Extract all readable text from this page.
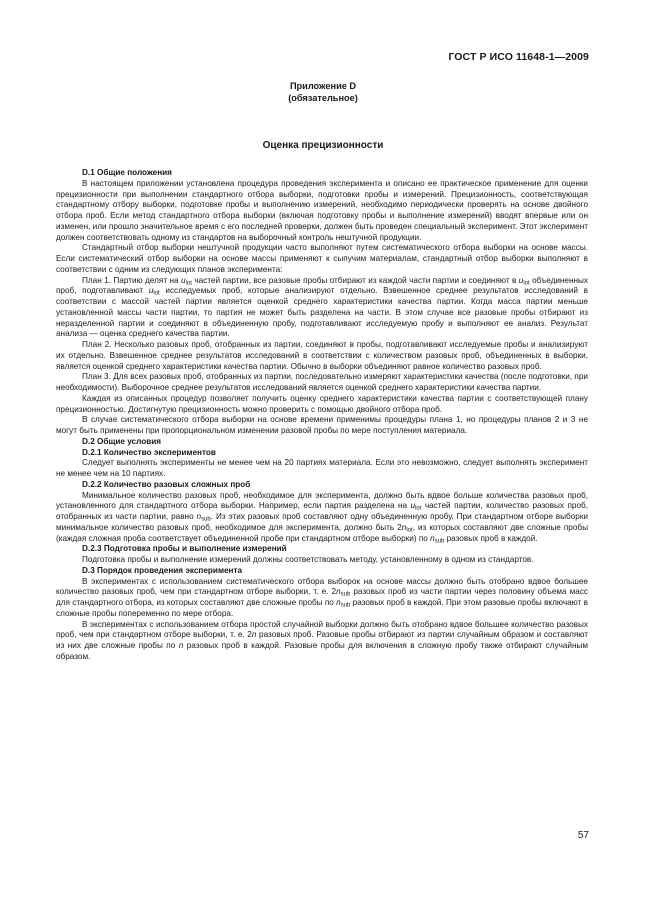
ГОСТ Р ИСО 11648-1—2009
Приложение D
(обязательное)
Оценка прецизионности

D.1 Общие положения

В настоящем приложении установлена процедура проведения эксперимента и описано ее практическое применение для оценки прецизионности при выполнении стандартного отбора выборки, подготовки пробы и измерений. Прецизионность, соответствующая стандартному отбору выборки, подготовке пробы и выполнению измерений, необходимо периодически проверять на основе двойного отбора проб. Если метод стандартного отбора выборки (включая подготовку пробы и выполнение измерений) вводят впервые или он изменен, или прошло значительное время с его последней проверки, должен быть проведен специальный эксперимент. Этот эксперимент должен соответствовать одному из стандартов на выборочный контроль нештучной продукции.

Стандартный отбор выборки нештучной продукции часто выполняют путем систематического отбора выборки на основе массы. Если систематический отбор выборки на основе массы применяют к сыпучим материалам, стандартный отбор выборки выполняют в соответствии с одним из следующих планов эксперимента:

План 1. Партию делят на $u_{lot}$ частей партии, все разовые пробы отбирают из каждой части партии и соединяют в $u_{lot}$ объединенных проб, подготавливают $u_{lot}$ исследуемых проб, которые анализируют отдельно. Взвешенное среднее результатов исследований в соответствии с массой частей партии является оценкой среднего характеристики качества партии. Когда масса партии меньше установленной массы части партии, то партия не может быть разделена на части. В этом случае все разовые пробы отбирают из неразделенной партии и соединяют в объединенную пробу, подготавливают исследуемую пробу и выполняют ее анализ. Результат анализа — оценка среднего качества партии.

План 2. Несколько разовых проб, отобранных из партии, соединяют в пробы, подготавливают исследуемые пробы и анализируют их отдельно. Взвешенное среднее результатов исследований в соответствии с количеством разовых проб, объединенных в выборки, является оценкой среднего характеристики качества партии. Обычно в выборки объединяют равное количество разовых проб.

План 3. Для всех разовых проб, отобранных из партии, последовательно измеряют характеристики качества (после подготовки, при необходимости). Выборочное среднее результатов исследований является оценкой среднего характеристики качества партии.

Каждая из описанных процедур позволяет получить оценку среднего характеристики качества партии с соответствующей плану прецизионностью. Достигнутую прецизионность можно проверить с помощью двойного отбора проб.

В случае систематического отбора выборки на основе времени применимы процедуры плана 1, но процедуры планов 2 и 3 не могут быть применены при пропорциональном изменении разовой пробы по мере поступления материала.

D.2 Общие условия

D.2.1 Количество экспериментов

Следует выполнять эксперименты не менее чем на 20 партиях материала. Если это невозможно, следует выполнять эксперимент не менее чем на 10 партиях.

D.2.2 Количество разовых сложных проб

Минимальное количество разовых проб, необходимое для эксперимента, должно быть вдвое больше количества разовых проб, установленного для стандартного отбора выборки. Например, если партия разделена на $u_{lot}$ частей партии, количество разовых проб, отобранных из части партии, равно $n_{sub}$. Из этих разовых проб составляют одну объединенную пробу. При стандартном отборе выборки минимальное количество разовых проб, необходимое для эксперимента, должно быть $2n_{lot}$, из которых составляют две сложные пробы (каждая сложная проба соответствует объединенной пробе при стандартном отборе выборки) по $n_{sub}$ разовых проб в каждой.

D.2.3 Подготовка пробы и выполнение измерений

Подготовка пробы и выполнение измерений должны соответствовать методу, установленному в одном из стандартов.

D.3 Порядок проведения эксперимента

В экспериментах с использованием систематического отбора выборок на основе массы должно быть отобрано вдвое большее количество разовых проб, чем при стандартном отборе выборки, т. е. $2n_{sub}$ разовых проб из части партии через половину объема масс для стандартного отбора, из которых составляют две сложные пробы по $n_{sub}$ разовых проб в каждой. При этом разовые пробы включают в сложные пробы попеременно по мере отбора.

В экспериментах с использованием отбора простой случайной выборки должно быть отобрано вдвое большее количество разовых проб, чем при стандартном отборе выборки, т. е. 2n разовых проб. Разовые пробы отбирают из партии случайным образом и составляют из них две сложные пробы по n разовых проб в каждой. Разовые пробы для включения в сложную пробу также отбирают случайным образом.

57
